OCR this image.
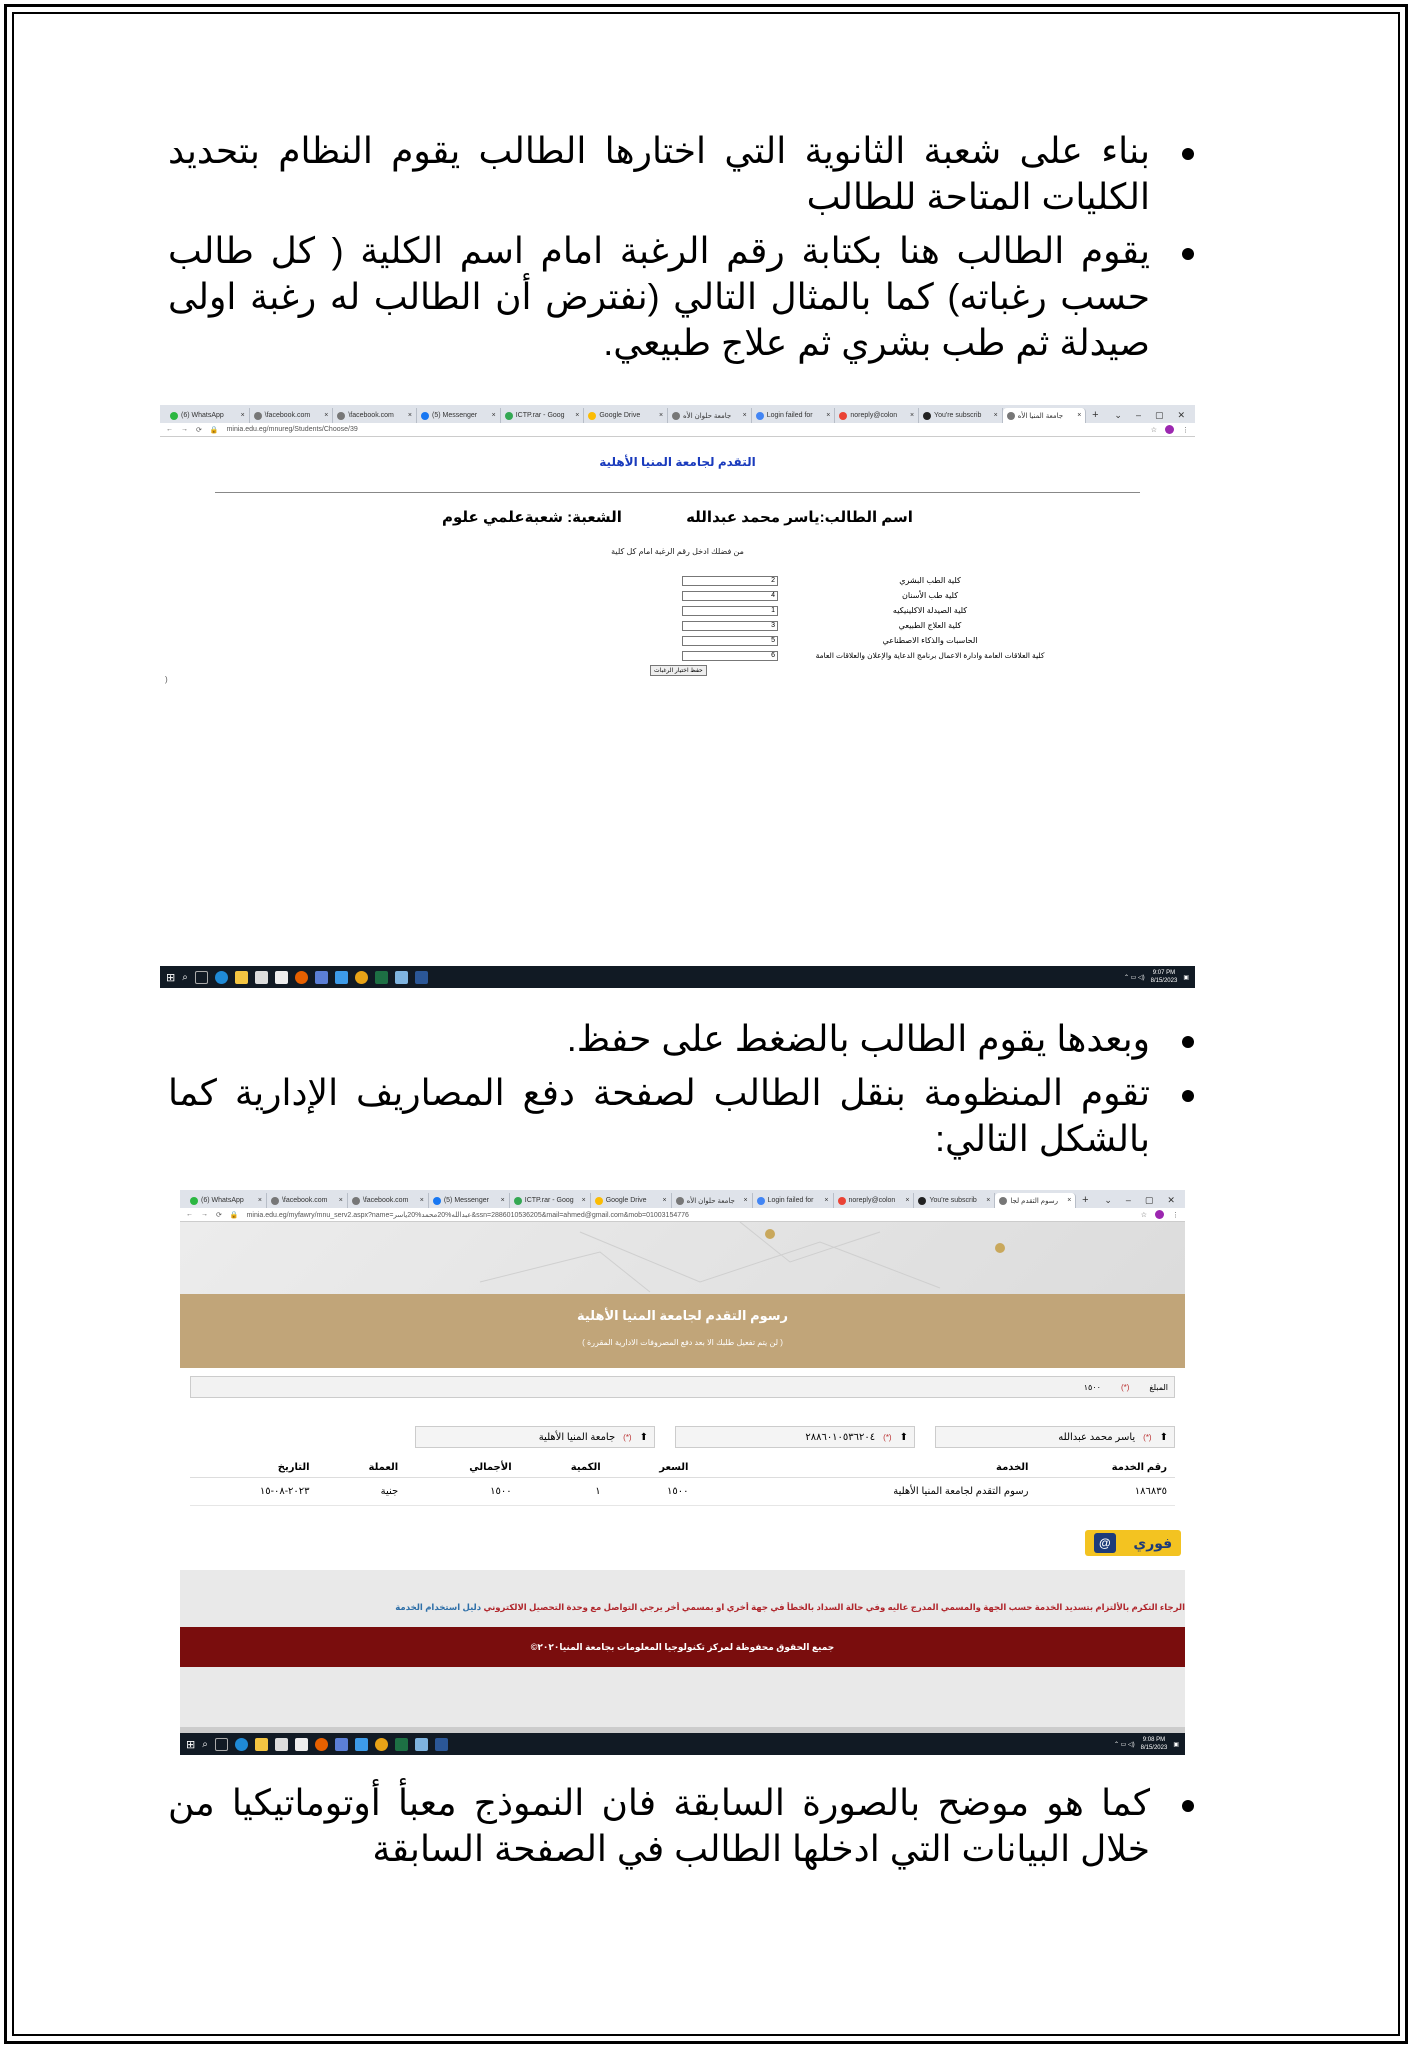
بناء على شعبة الثانوية التي اختارها الطالب يقوم النظام بتحديد الكليات المتاحة للطالب

يقوم الطالب هنا بكتابة رقم الرغبة امام اسم الكلية ( كل طالب حسب رغباته) كما بالمثال التالي (نفترض أن الطالب له رغبة اولى صيدلة ثم طب بشري ثم علاج طبيعي.

(6) WhatsApp ×	\facebook.com ×	\facebook.com ×	(5) Messenger ×	ICTP.rar - Goog ×	Google Drive	×	جامعة حلوان الأه ×	Login failed for ×	noreply@colon ×	You're subscrib ×	جامعة المنيا الأه × +	⌄ – ▢ ✕
← → ⟳ 🔒 minia.edu.eg/mnureg/Students/Choose/39	☆	⋮
التقدم لجامعة المنيا الأهلية
اسم الطالب:ياسر محمد عبدالله الشعبة: شعبةعلمي علوم
من فضلك ادخل رقم الرغبة امام كل كلية
2	كلية الطب البشري
4	كلية طب الأسنان
1	كلية الصيدلة الاكلينيكيه
3	كلية العلاج الطبيعي
5	الحاسبات والذكاء الاصطناعي
6	كلية العلاقات العامة وادارة الاعمال برنامج الدعاية والإعلان والعلاقات العامة
حفظ اختيار الرغبات
)
⊞ ⌕	⌃ ▭ ◁)
9:07 PM
8/15/2023
▣

وبعدها يقوم الطالب بالضغط على حفظ.

تقوم المنظومة بنقل الطالب لصفحة دفع المصاريف الإدارية كما بالشكل التالي:

(6) WhatsApp ×	\facebook.com ×	\facebook.com ×	(5) Messenger ×	ICTP.rar - Goog ×	Google Drive ×	جامعة حلوان الأه ×	Login failed for ×	noreply@colon ×	You're subscrib ×	رسوم التقدم لجا × +	⌄ – ▢ ✕
← → ⟳ 🔒 minia.edu.eg/myfawry/mnu_serv2.aspx?name=عبدالله%20محمد%20ياسر&ssn=2886010536205&mail=ahmed@gmail.com&mob=01003154776	☆	⋮
رسوم التقدم لجامعة المنيا الأهلية
( لن يتم تفعيل طلبك الا بعد دفع المصروفات الادارية المقررة )
المبلغ
(*)
١٥٠٠
⬆
(*)
ياسر محمد عبدالله
⬆
(*)
٢٨٨٦٠١٠٥٣٦٢٠٤
⬆
(*)
جامعة المنيا الأهلية
رقم الخدمة	الخدمة	السعر	الكمية	الأجمالي	العملة	التاريخ
١٨٦٨٣٥	رسوم التقدم لجامعة المنيا الأهلية	١٥٠٠	١	١٥٠٠	جنية	٢٠٢٣-٠٨-١٥
فوري
@
الرجاء التكرم بالألتزام بتسديد الخدمة حسب الجهة والمسمي المدرج عاليه وفي حالة السداد بالخطأ في جهة أخري او بمسمي أخر يرجي التواصل مع وحدة التحصيل الالكتروني دليل استخدام الخدمة
جميع الحقوق محفوظة لمركز تكنولوجيا المعلومات بجامعة المنيا٢٠٢٠©
⊞ ⌕	⌃ ▭ ◁)
9:08 PM
8/15/2023
▣

كما هو موضح بالصورة السابقة فان النموذج معبأ أوتوماتيكيا من خلال البيانات التي ادخلها الطالب في الصفحة السابقة
